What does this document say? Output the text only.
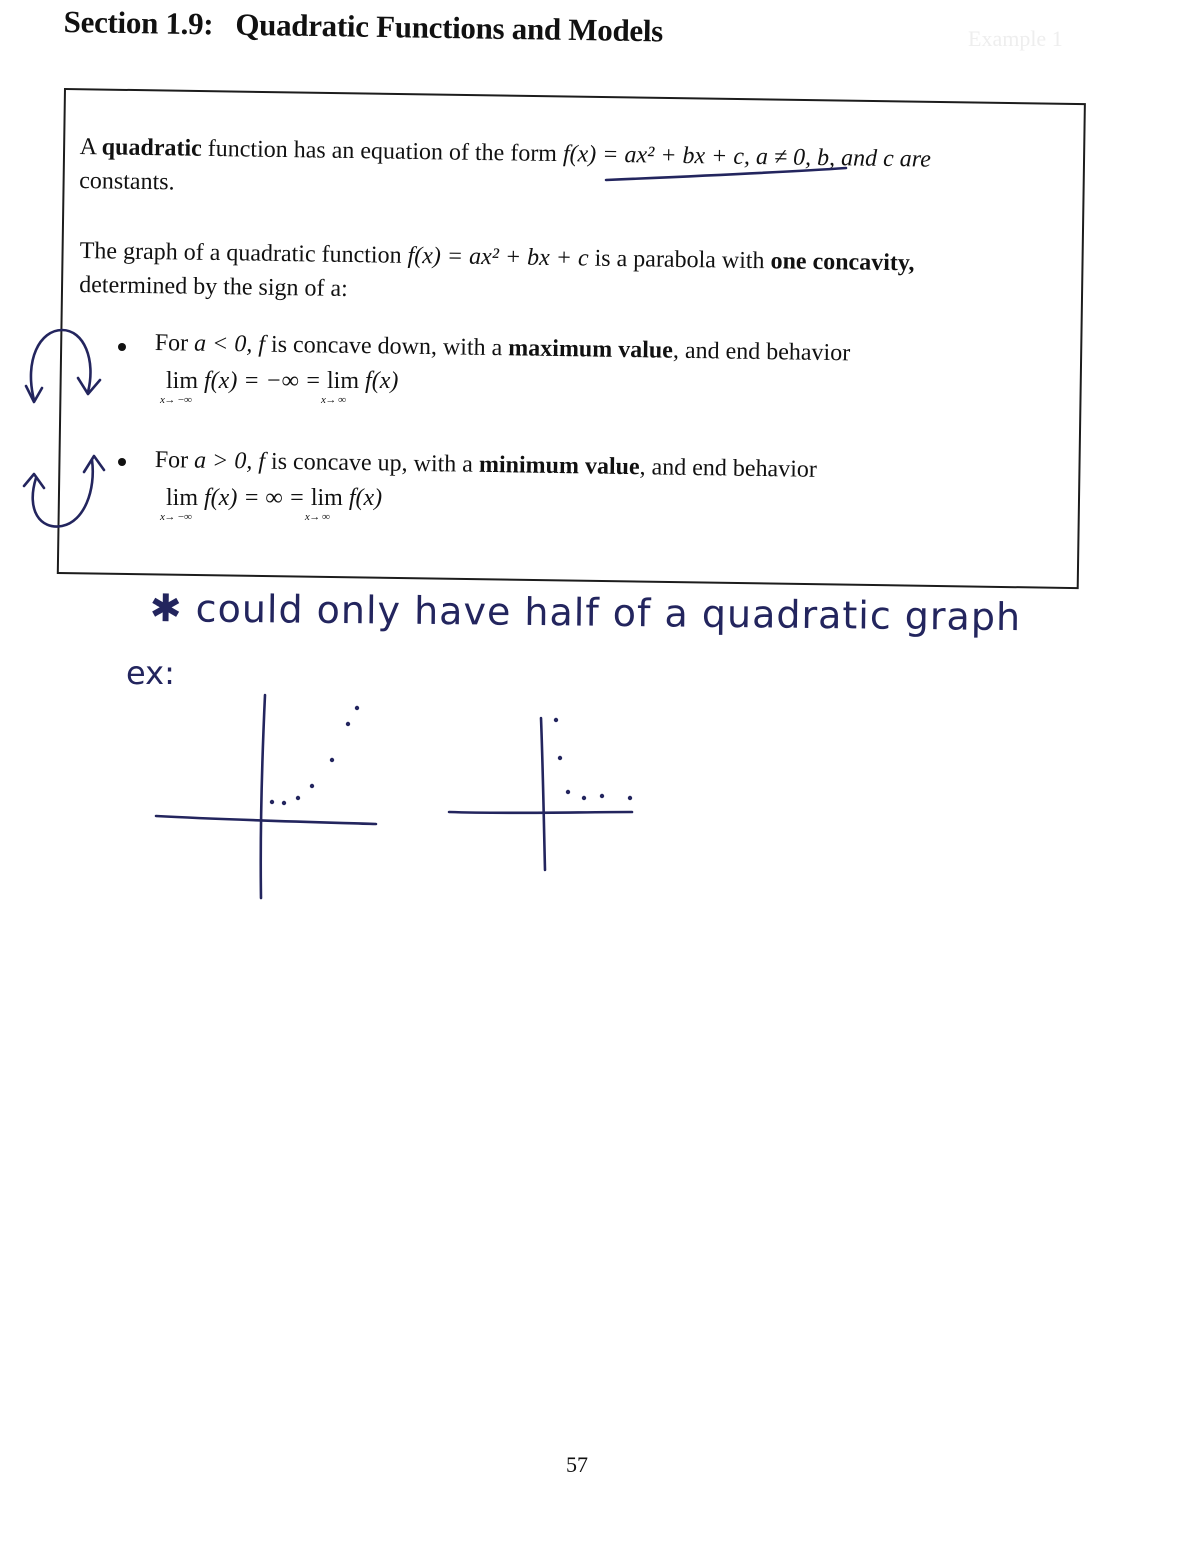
Example 1
Section 1.9: Quadratic Functions and Models

A quadratic function has an equation of the form f(x) = ax² + bx + c, a ≠ 0, b, and c are
constants.

The graph of a quadratic function f(x) = ax² + bx + c is a parabola with one concavity,
determined by the sign of a:

For a < 0, f is concave down, with a maximum value, and end behavior
lim
x→ −∞
f(x) = −∞ = lim
x→ ∞
f(x)
For a > 0, f is concave up, with a minimum value, and end behavior
lim
x→ −∞
f(x) = ∞ = lim
x→ ∞
f(x)
✱ could only have half of a quadratic graph
ex:
57
